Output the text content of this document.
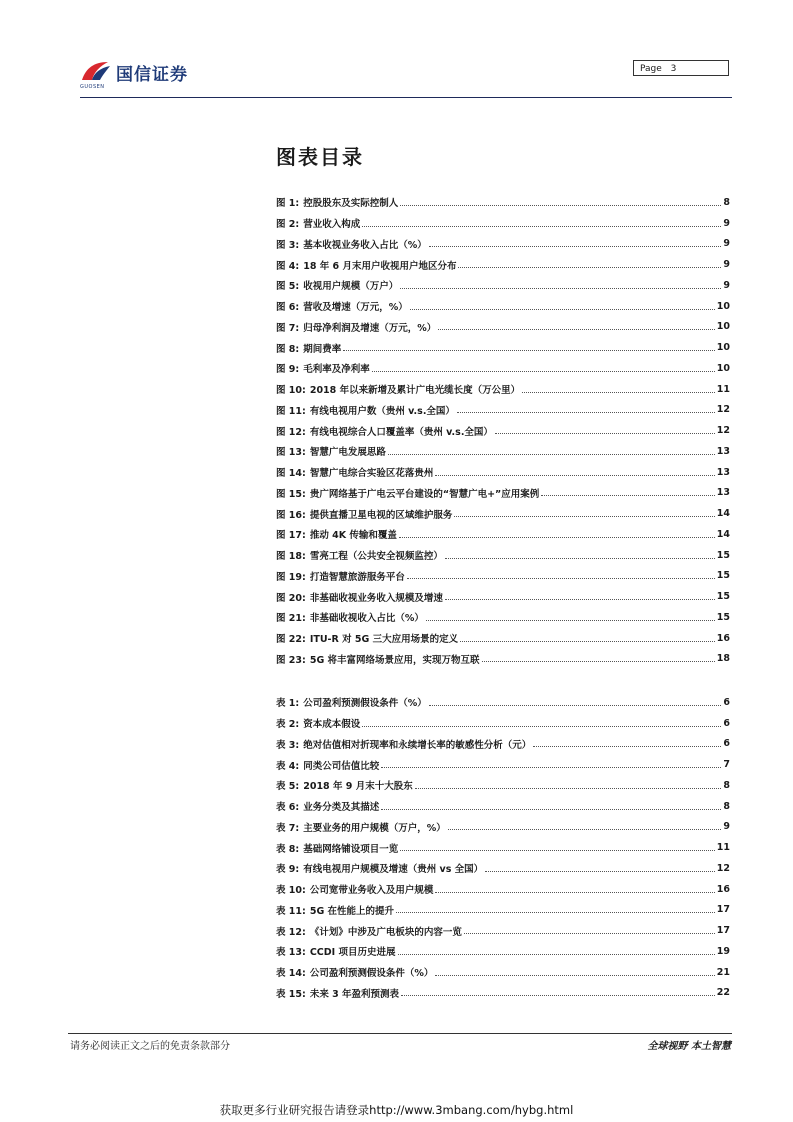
国信证券
GUOSEN
Page 3
图表目录
图 1: 控股股东及实际控制人	8
图 2: 营业收入构成	9
图 3: 基本收视业务收入占比（%）	9
图 4: 18 年 6 月末用户收视用户地区分布	9
图 5: 收视用户规模（万户）	9
图 6: 营收及增速（万元，%）	10
图 7: 归母净利润及增速（万元，%）	10
图 8: 期间费率	10
图 9: 毛利率及净利率	10
图 10: 2018 年以来新增及累计广电光缆长度（万公里）	11
图 11: 有线电视用户数（贵州 v.s.全国）	12
图 12: 有线电视综合人口覆盖率（贵州 v.s.全国）	12
图 13: 智慧广电发展思路	13
图 14: 智慧广电综合实验区花落贵州	13
图 15: 贵广网络基于广电云平台建设的“智慧广电+”应用案例	13
图 16: 提供直播卫星电视的区域维护服务	14
图 17: 推动 4K 传输和覆盖	14
图 18: 雪亮工程（公共安全视频监控）	15
图 19: 打造智慧旅游服务平台	15
图 20: 非基础收视业务收入规模及增速	15
图 21: 非基础收视收入占比（%）	15
图 22: ITU-R 对 5G 三大应用场景的定义	16
图 23: 5G 将丰富网络场景应用，实现万物互联	18
表 1: 公司盈利预测假设条件（%）	6
表 2: 资本成本假设	6
表 3: 绝对估值相对折现率和永续增长率的敏感性分析（元）	6
表 4: 同类公司估值比较	7
表 5: 2018 年 9 月末十大股东	8
表 6: 业务分类及其描述	8
表 7: 主要业务的用户规模（万户，%）	9
表 8: 基础网络铺设项目一览	11
表 9: 有线电视用户规模及增速（贵州 vs 全国）	12
表 10: 公司宽带业务收入及用户规模	16
表 11: 5G 在性能上的提升	17
表 12: 《计划》中涉及广电板块的内容一览	17
表 13: CCDI 项目历史进展	19
表 14: 公司盈利预测假设条件（%）	21
表 15: 未来 3 年盈利预测表	22
请务必阅读正文之后的免责条款部分	全球视野 本土智慧
获取更多行业研究报告请登录http://www.3mbang.com/hybg.html
